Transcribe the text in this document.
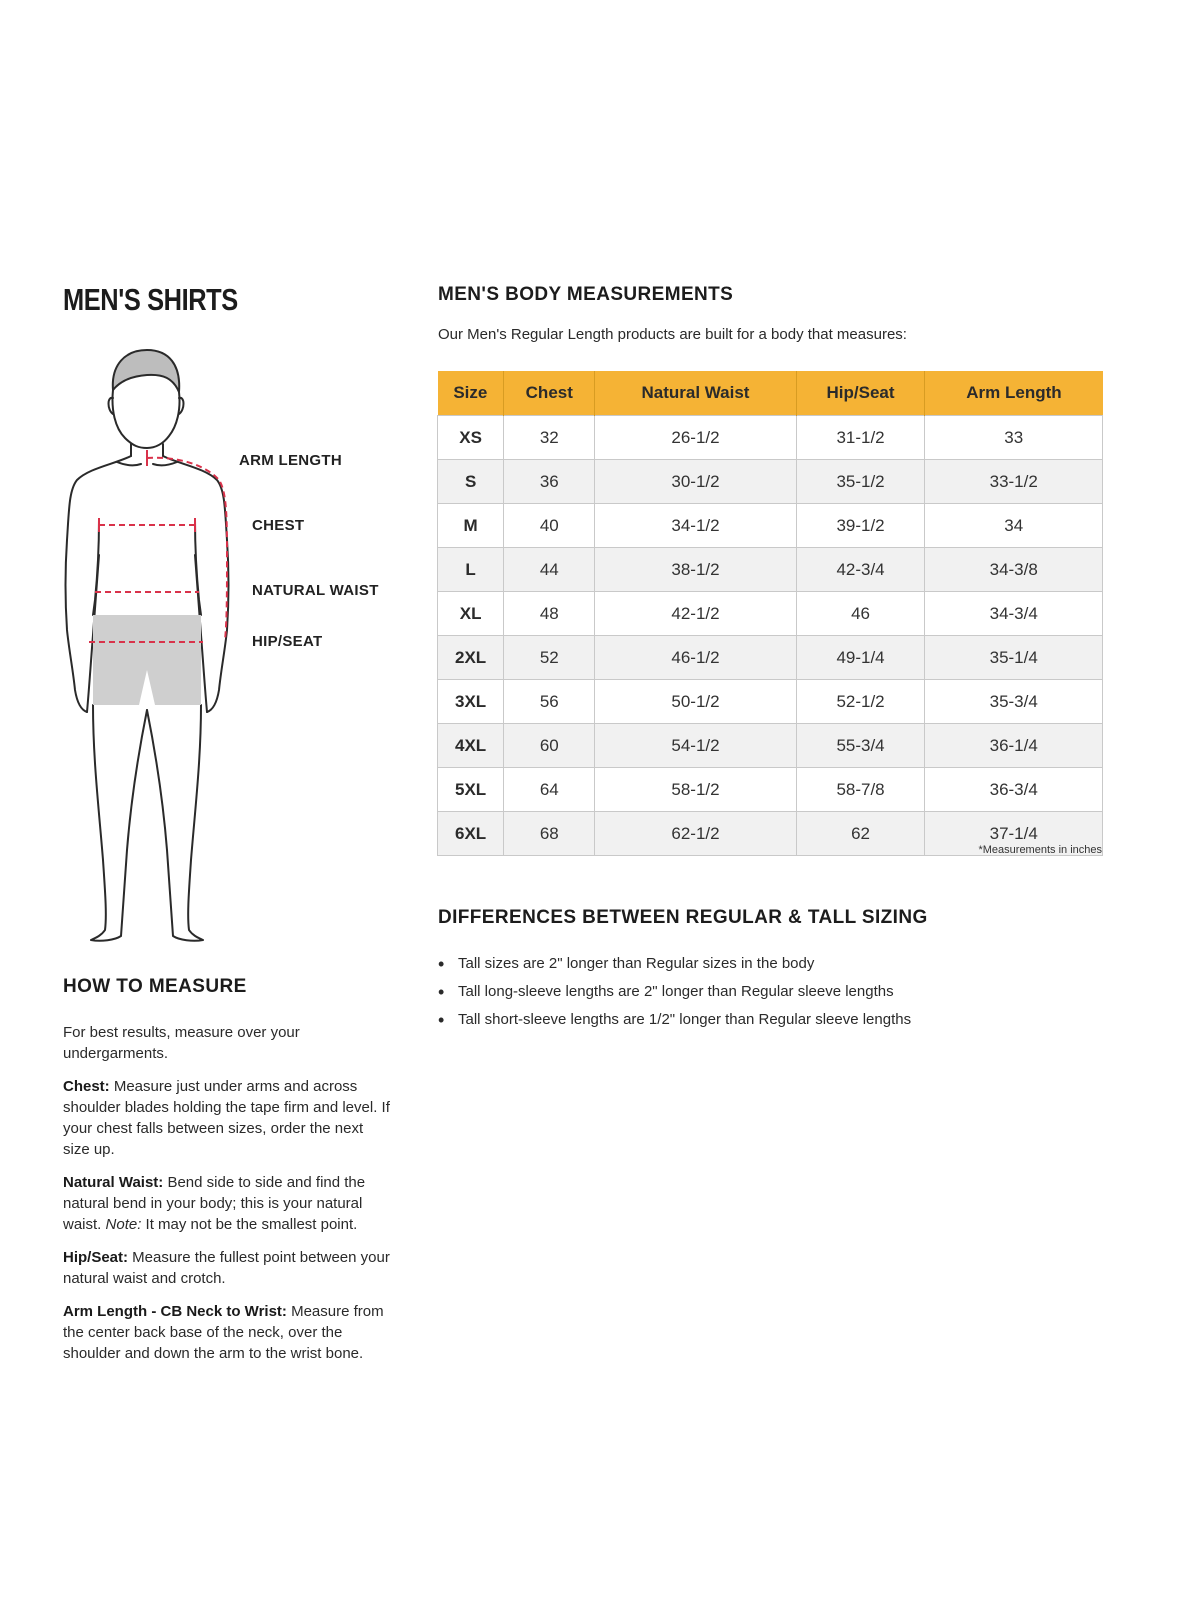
MEN'S SHIRTS
ARM LENGTH
CHEST
NATURAL WAIST
HIP/SEAT
HOW TO MEASURE

For best results, measure over your undergarments.

Chest: Measure just under arms and across shoulder blades holding the tape firm and level. If your chest falls between sizes, order the next size up.

Natural Waist: Bend side to side and find the natural bend in your body; this is your natural waist. Note: It may not be the smallest point.

Hip/Seat: Measure the fullest point between your natural waist and crotch.

Arm Length - CB Neck to Wrist: Measure from the center back base of the neck, over the shoulder and down the arm to the wrist bone.

MEN'S BODY MEASUREMENTS
Our Men's Regular Length products are built for a body that measures:
Size	Chest	Natural Waist	Hip/Seat	Arm Length
XS	32	26-1/2	31-1/2	33
S	36	30-1/2	35-1/2	33-1/2
M	40	34-1/2	39-1/2	34
L	44	38-1/2	42-3/4	34-3/8
XL	48	42-1/2	46	34-3/4
2XL	52	46-1/2	49-1/4	35-1/4
3XL	56	50-1/2	52-1/2	35-3/4
4XL	60	54-1/2	55-3/4	36-1/4
5XL	64	58-1/2	58-7/8	36-3/4
6XL	68	62-1/2	62	37-1/4
*Measurements in inches
DIFFERENCES BETWEEN REGULAR & TALL SIZING
• Tall sizes are 2" longer than Regular sizes in the body
• Tall long-sleeve lengths are 2" longer than Regular sleeve lengths
• Tall short-sleeve lengths are 1/2" longer than Regular sleeve lengths
